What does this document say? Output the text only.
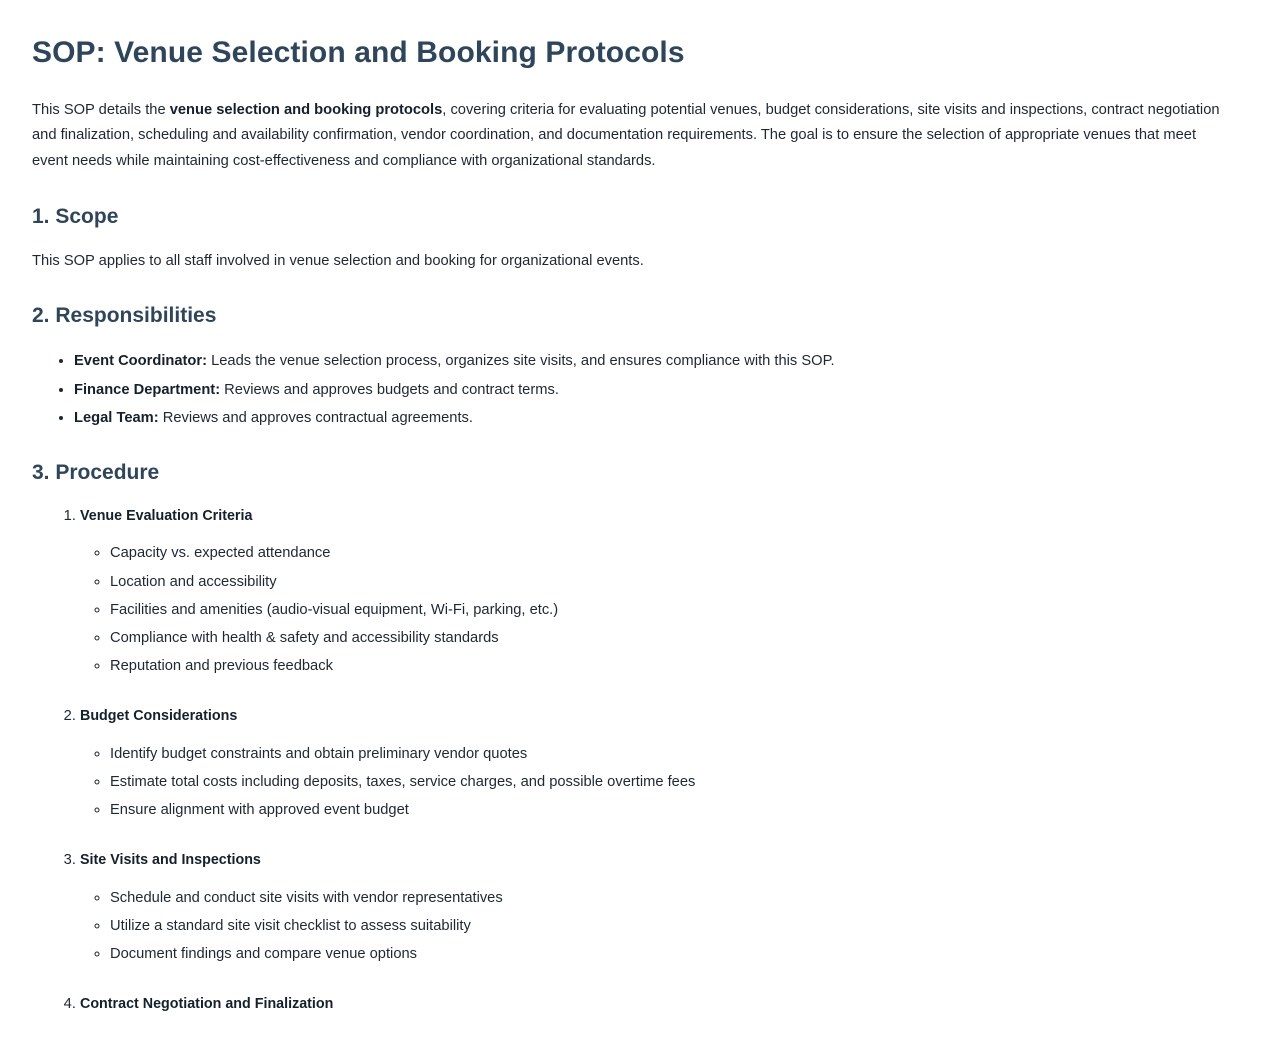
SOP: Venue Selection and Booking Protocols

This SOP details the venue selection and booking protocols, covering criteria for evaluating potential venues, budget considerations, site visits and inspections, contract negotiation and finalization, scheduling and availability confirmation, vendor coordination, and documentation requirements. The goal is to ensure the selection of appropriate venues that meet event needs while maintaining cost-effectiveness and compliance with organizational standards.

1. Scope

This SOP applies to all staff involved in venue selection and booking for organizational events.

2. Responsibilities
• Event Coordinator: Leads the venue selection process, organizes site visits, and ensures compliance with this SOP.
• Finance Department: Reviews and approves budgets and contract terms.
• Legal Team: Reviews and approves contractual agreements.
3. Procedure
1. Venue Evaluation Criteria
◦ Capacity vs. expected attendance
◦ Location and accessibility
◦ Facilities and amenities (audio-visual equipment, Wi-Fi, parking, etc.)
◦ Compliance with health & safety and accessibility standards
◦ Reputation and previous feedback
2. Budget Considerations
◦ Identify budget constraints and obtain preliminary vendor quotes
◦ Estimate total costs including deposits, taxes, service charges, and possible overtime fees
◦ Ensure alignment with approved event budget
3. Site Visits and Inspections
◦ Schedule and conduct site visits with vendor representatives
◦ Utilize a standard site visit checklist to assess suitability
◦ Document findings and compare venue options
4. Contract Negotiation and Finalization
